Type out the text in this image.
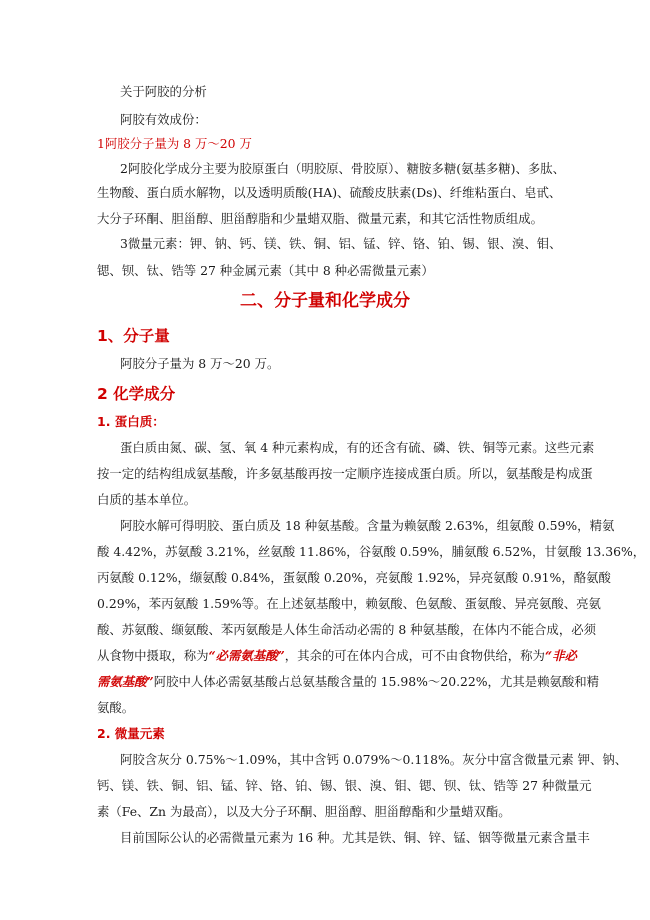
关于阿胶的分析
阿胶有效成份：
1阿胶分子量为 8 万～20 万
2阿胶化学成分主要为胶原蛋白（明胶原、骨胶原）、糖胺多糖(氨基多糖)、多肽、
生物酸、蛋白质水解物，以及透明质酸(HA)、硫酸皮肤素(Ds)、纤维粘蛋白、皂甙、
大分子环酮、胆甾醇、胆甾醇脂和少量蜡双脂、微量元素，和其它活性物质组成。
3微量元素：钾、钠、钙、镁、铁、铜、铝、锰、锌、铬、铂、锡、银、溴、钼、
锶、钡、钛、锆等 27 种金属元素（其中 8 种必需微量元素）
二、分子量和化学成分
1、分子量
阿胶分子量为 8 万～20 万。
2 化学成分
1. 蛋白质：
蛋白质由氮、碳、氢、氧 4 种元素构成，有的还含有硫、磷、铁、铜等元素。这些元素
按一定的结构组成氨基酸，许多氨基酸再按一定顺序连接成蛋白质。所以，氨基酸是构成蛋
白质的基本单位。
阿胶水解可得明胶、蛋白质及 18 种氨基酸。含量为赖氨酸 2.63%，组氨酸 0.59%，精氨
酸 4.42%，苏氨酸 3.21%，丝氨酸 11.86%，谷氨酸 0.59%，脯氨酸 6.52%，甘氨酸 13.36%，
丙氨酸 0.12%，缬氨酸 0.84%，蛋氨酸 0.20%，亮氨酸 1.92%，异亮氨酸 0.91%，酪氨酸
0.29%，苯丙氨酸 1.59%等。在上述氨基酸中，赖氨酸、色氨酸、蛋氨酸、异亮氨酸、亮氨
酸、苏氨酸、缬氨酸、苯丙氨酸是人体生命活动必需的 8 种氨基酸，在体内不能合成，必须
从食物中摄取，称为“必需氨基酸”，其余的可在体内合成，可不由食物供给，称为“非必
需氨基酸”阿胶中人体必需氨基酸占总氨基酸含量的 15.98%～20.22%，尤其是赖氨酸和精
氨酸。
2. 微量元素
阿胶含灰分 0.75%～1.09%，其中含钙 0.079%～0.118%。灰分中富含微量元素 钾、钠、
钙、镁、铁、铜、铝、锰、锌、铬、铂、锡、银、溴、钼、锶、钡、钛、锆等 27 种微量元
素（Fe、Zn 为最高），以及大分子环酮、胆甾醇、胆甾醇酯和少量蜡双酯。
目前国际公认的必需微量元素为 16 种。尤其是铁、铜、锌、锰、铟等微量元素含量丰
